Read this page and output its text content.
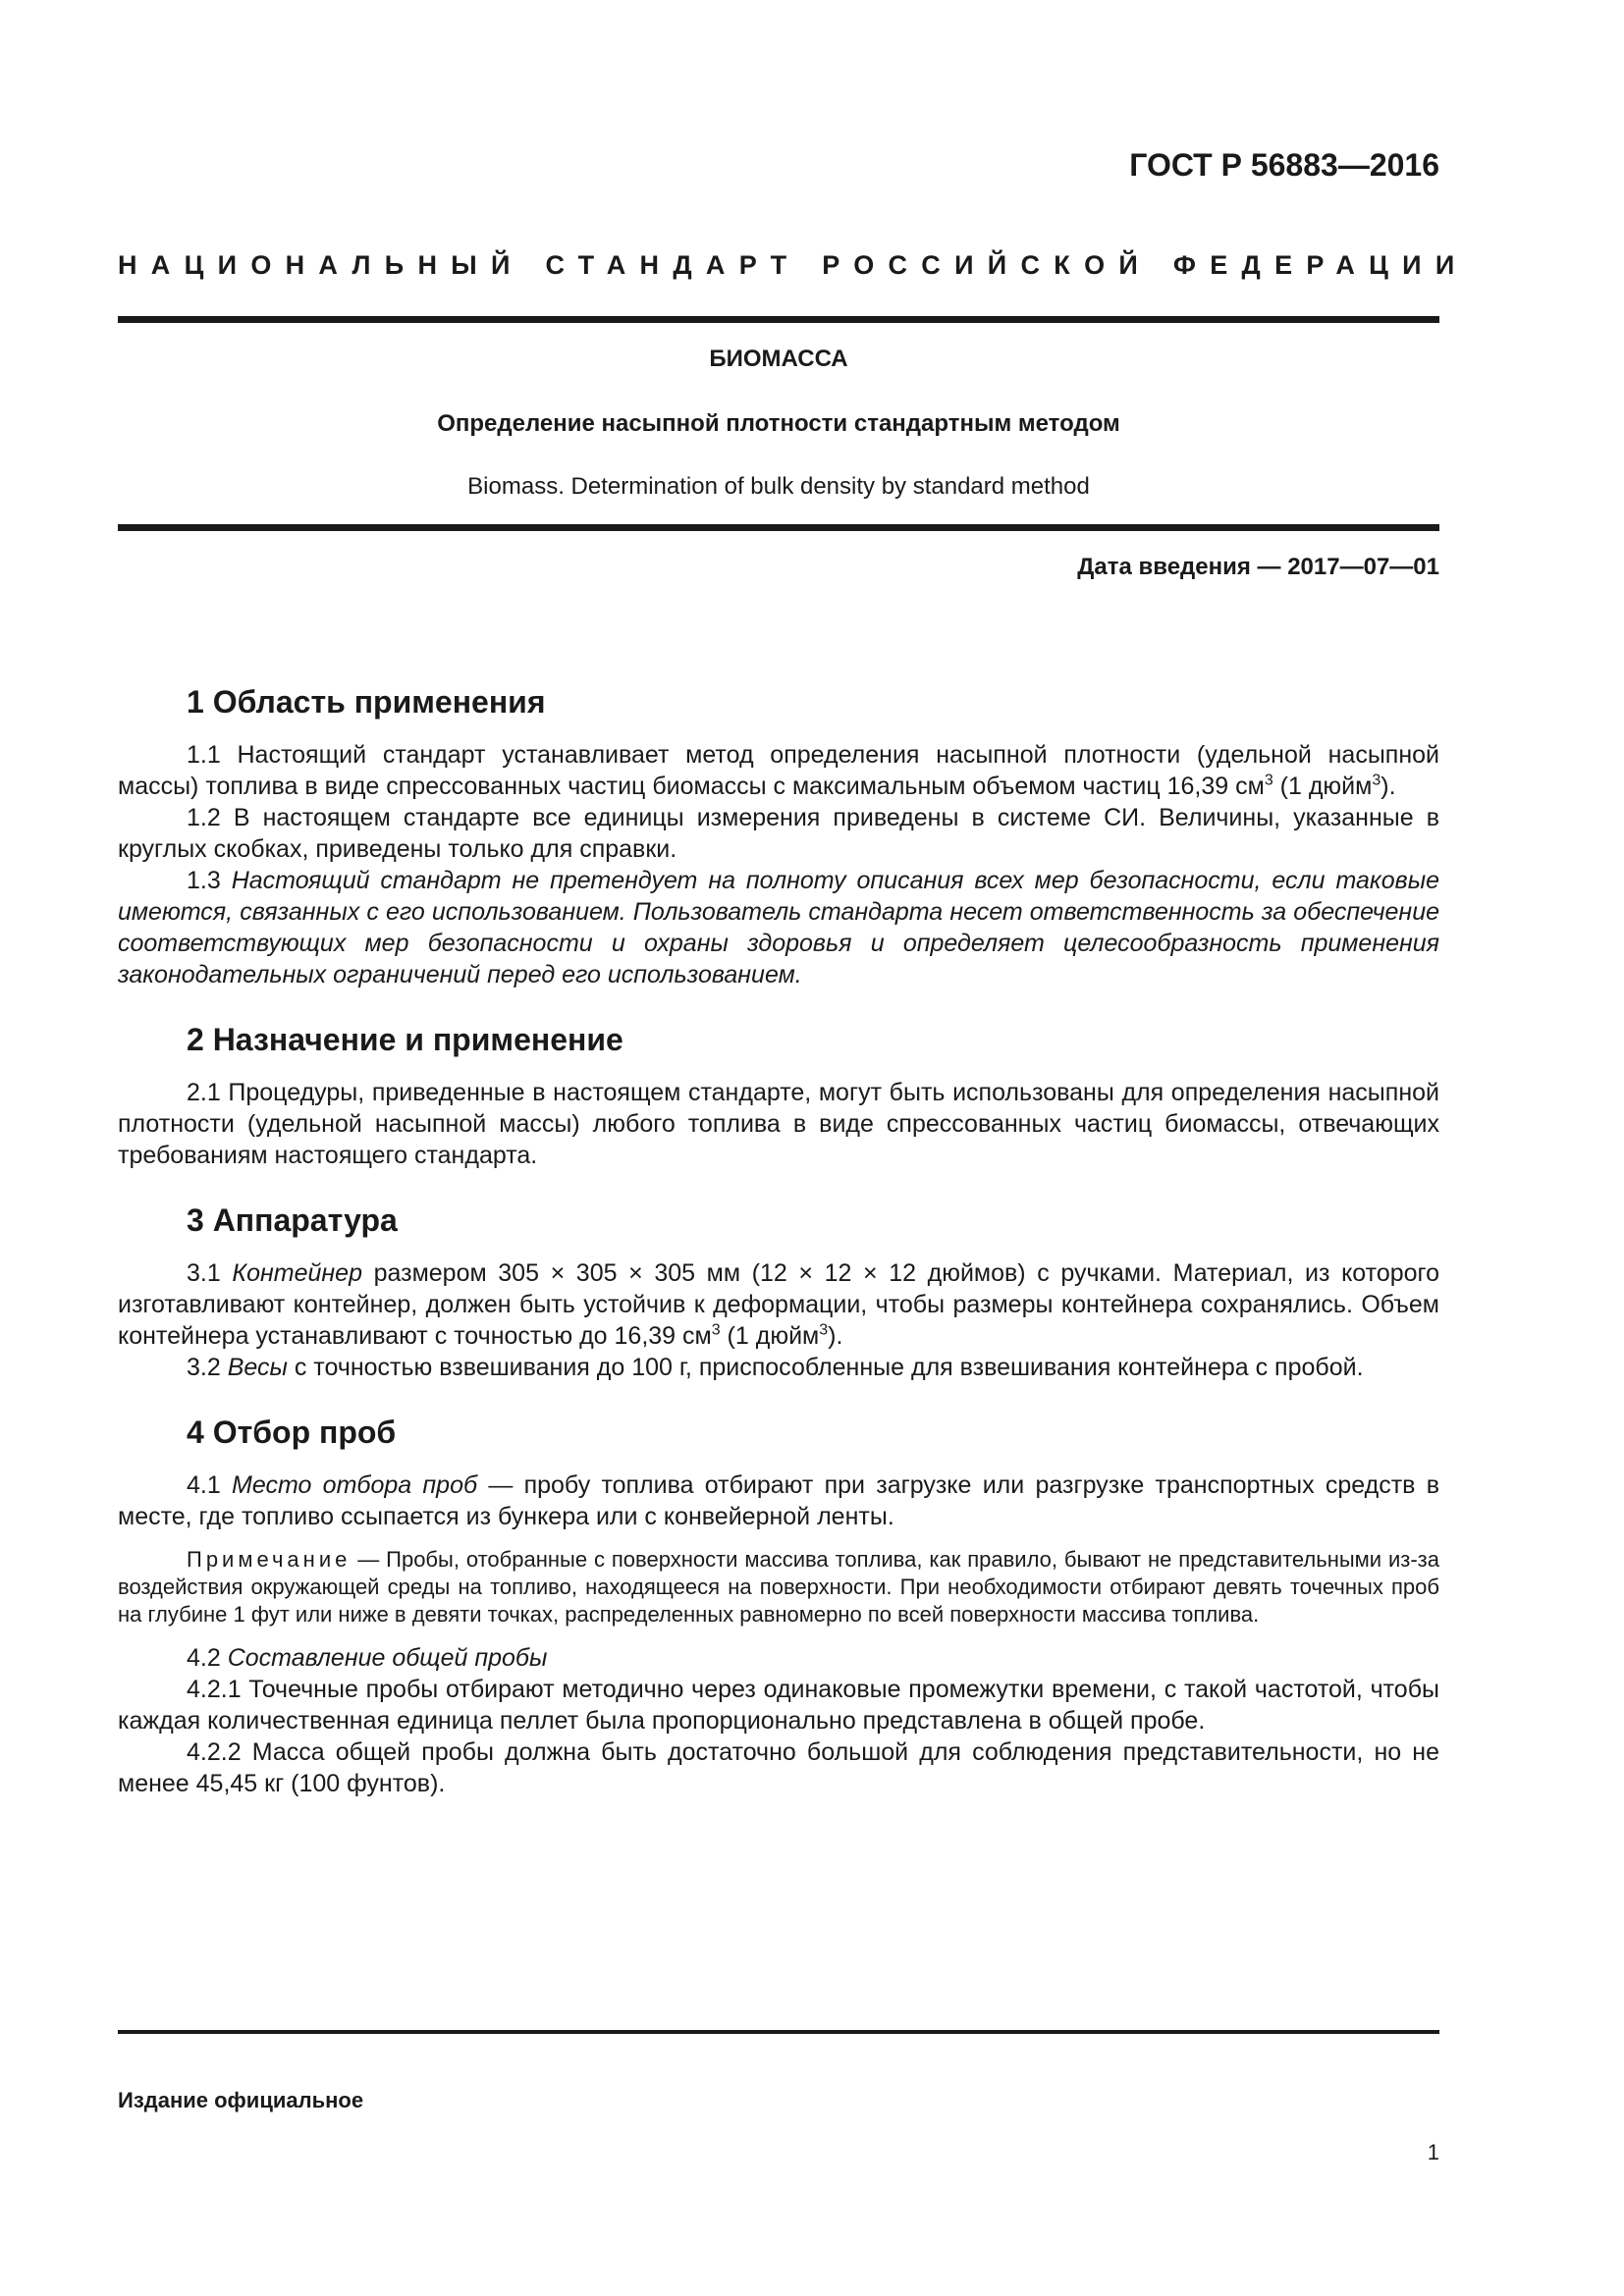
ГОСТ Р 56883—2016
НАЦИОНАЛЬНЫЙ СТАНДАРТ РОССИЙСКОЙ ФЕДЕРАЦИИ
БИОМАССА
Определение насыпной плотности стандартным методом
Biomass. Determination of bulk density by standard method
Дата введения — 2017—07—01
1 Область применения

1.1 Настоящий стандарт устанавливает метод определения насыпной плотности (удельной насыпной массы) топлива в виде спрессованных частиц биомассы с максимальным объемом частиц 16,39 $см^3$ (1 дюйм$^3$).

1.2 В настоящем стандарте все единицы измерения приведены в системе СИ. Величины, указанные в круглых скобках, приведены только для справки.

1.3 Настоящий стандарт не претендует на полноту описания всех мер безопасности, если таковые имеются, связанных с его использованием. Пользователь стандарта несет ответственность за обеспечение соответствующих мер безопасности и охраны здоровья и определяет целесообразность применения законодательных ограничений перед его использованием.

2 Назначение и применение

2.1 Процедуры, приведенные в настоящем стандарте, могут быть использованы для определения насыпной плотности (удельной насыпной массы) любого топлива в виде спрессованных частиц биомассы, отвечающих требованиям настоящего стандарта.

3 Аппаратура

3.1 Контейнер размером 305 × 305 × 305 мм (12 × 12 × 12 дюймов) с ручками. Материал, из которого изготавливают контейнер, должен быть устойчив к деформации, чтобы размеры контейнера сохранялись. Объем контейнера устанавливают с точностью до 16,39 $см^3$ (1 дюйм$^3$).

3.2 Весы с точностью взвешивания до 100 г, приспособленные для взвешивания контейнера с пробой.

4 Отбор проб

4.1 Место отбора проб — пробу топлива отбирают при загрузке или разгрузке транспортных средств в месте, где топливо ссыпается из бункера или с конвейерной ленты.

Примечание — Пробы, отобранные с поверхности массива топлива, как правило, бывают не представительными из-за воздействия окружающей среды на топливо, находящееся на поверхности. При необходимости отбирают девять точечных проб на глубине 1 фут или ниже в девяти точках, распределенных равномерно по всей поверхности массива топлива.

4.2 Составление общей пробы

4.2.1 Точечные пробы отбирают методично через одинаковые промежутки времени, с такой частотой, чтобы каждая количественная единица пеллет была пропорционально представлена в общей пробе.

4.2.2 Масса общей пробы должна быть достаточно большой для соблюдения представительности, но не менее 45,45 кг (100 фунтов).

Издание официальное
1
